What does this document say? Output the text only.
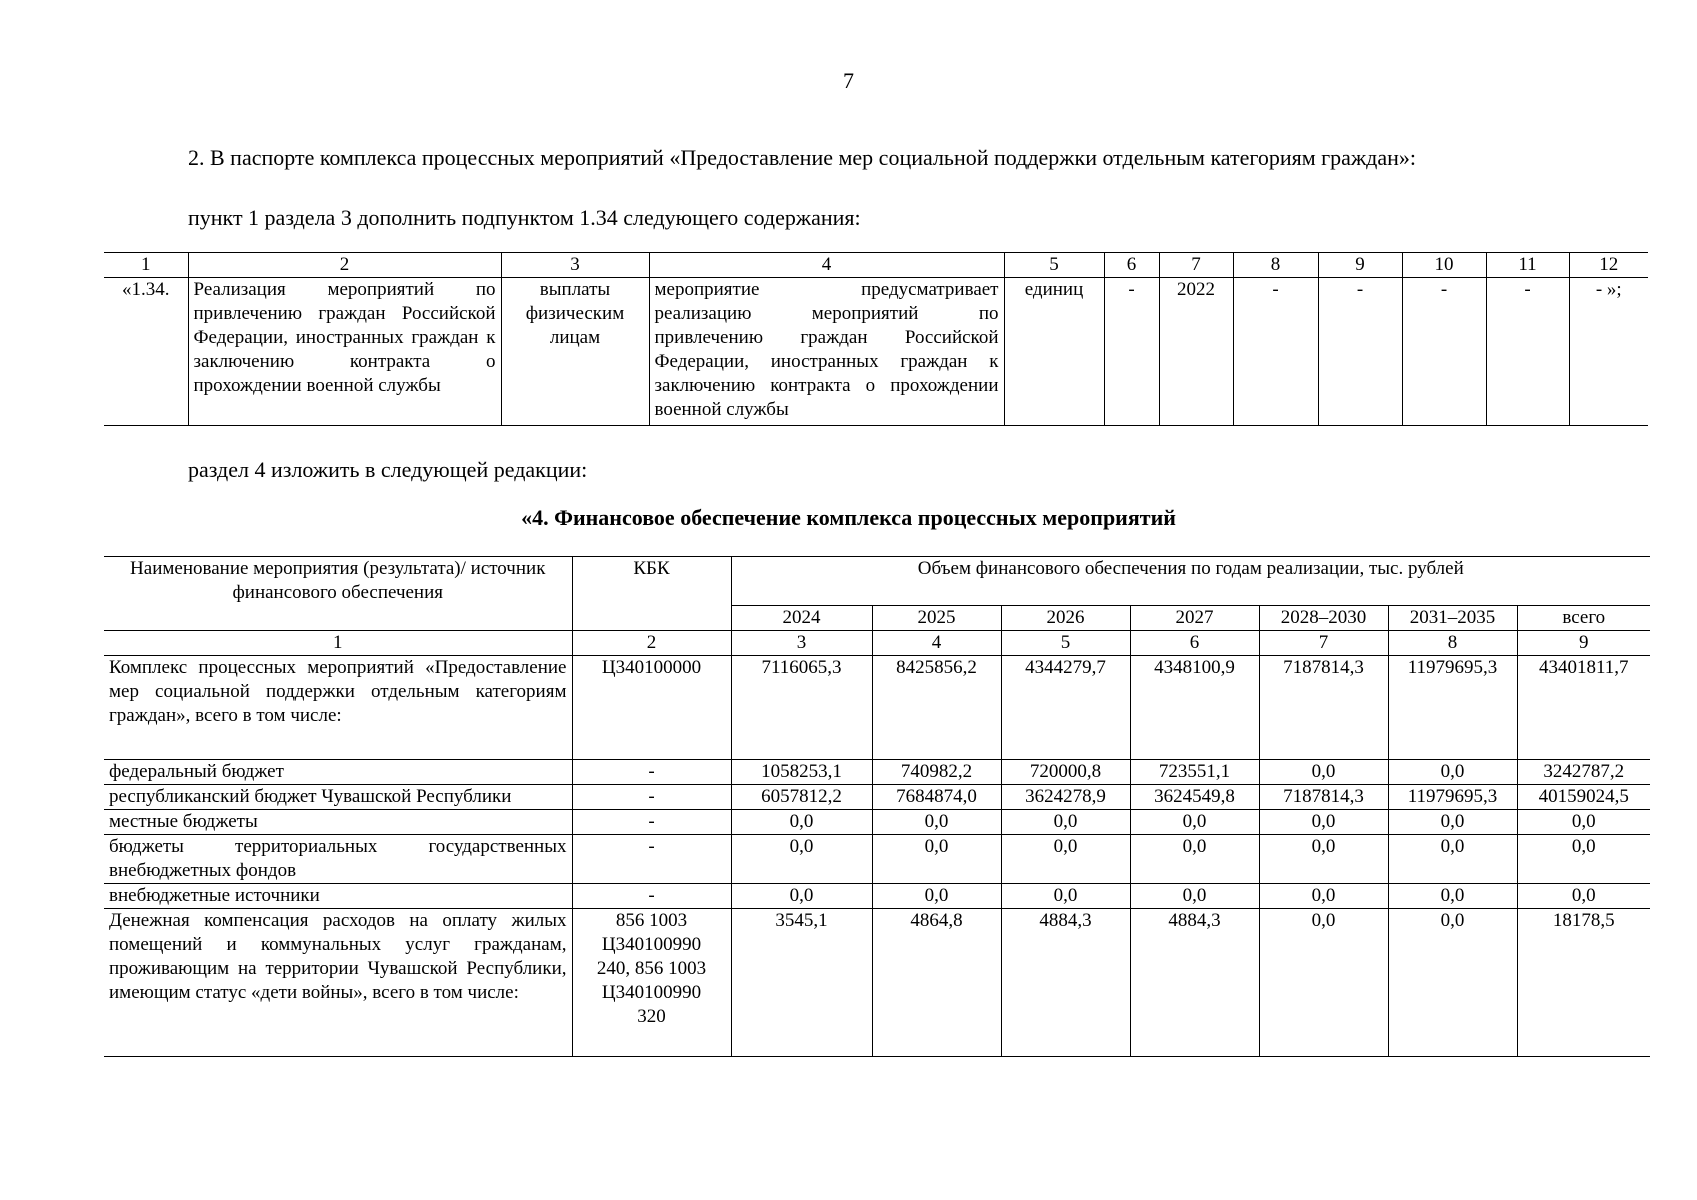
7
2. В паспорте комплекса процессных мероприятий «Предоставление мер социальной поддержки отдельным категориям граждан»:
пункт 1 раздела 3 дополнить подпунктом 1.34 следующего содержания:
1	2	3	4	5	6	7	8	9	10	11	12
«1.34.	Реализация мероприятий по привлечению граждан Российской Федерации, иностранных граждан к заключению контракта о прохождении военной службы	выплаты физическим лицам	мероприятие предусматривает реализацию мероприятий по привлечению граждан Российской Федерации, иностранных граждан к заключению контракта о прохождении военной службы	единиц	-	2022	-	-	-	-	- »;
раздел 4 изложить в следующей редакции:
«4. Финансовое обеспечение комплекса процессных мероприятий
Наименование мероприятия (результата)/ источник финансового обеспечения	КБК	Объем финансового обеспечения по годам реализации, тыс. рублей						
		2024	2025	2026	2027	2028–2030	2031–2035	всего
1	2	3	4	5	6	7	8	9
Комплекс процессных мероприятий «Предоставление мер социальной поддержки отдельным категориям граждан», всего в том числе:	Ц340100000	7116065,3	8425856,2	4344279,7	4348100,9	7187814,3	11979695,3	43401811,7
федеральный бюджет	-	1058253,1	740982,2	720000,8	723551,1	0,0	0,0	3242787,2
республиканский бюджет Чувашской Республики	-	6057812,2	7684874,0	3624278,9	3624549,8	7187814,3	11979695,3	40159024,5
местные бюджеты	-	0,0	0,0	0,0	0,0	0,0	0,0	0,0
бюджеты территориальных государственных внебюджетных фондов	-	0,0	0,0	0,0	0,0	0,0	0,0	0,0
внебюджетные источники	-	0,0	0,0	0,0	0,0	0,0	0,0	0,0
Денежная компенсация расходов на оплату жилых помещений и коммунальных услуг гражданам, проживающим на территории Чувашской Республики, имеющим статус «дети войны», всего в том числе:	856 1003 Ц340100990 240, 856 1003 Ц340100990 320	3545,1	4864,8	4884,3	4884,3	0,0	0,0	18178,5
